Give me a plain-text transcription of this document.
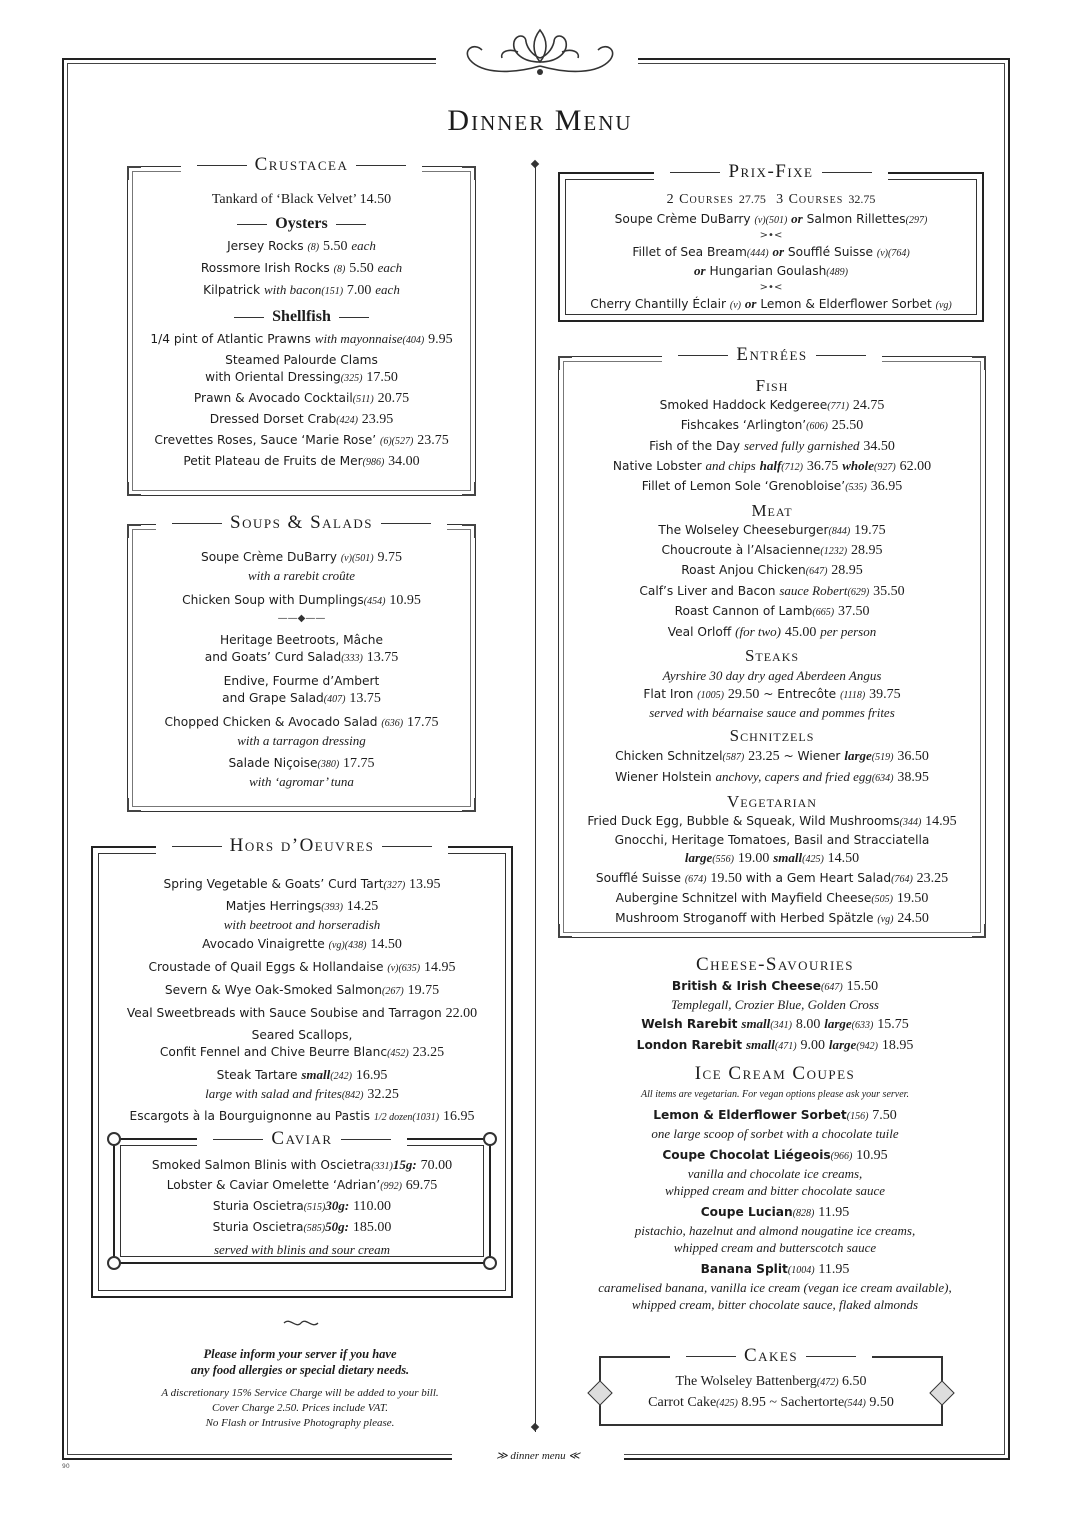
Dinner Menu
Crustacea
Tankard of ‘Black Velvet’ 14.50
Oysters
Jersey Rocks (8) 5.50 each
Rossmore Irish Rocks (8) 5.50 each
Kilpatrick with bacon(151) 7.00 each
Shellfish
1/4 pint of Atlantic Prawns with mayonnaise(404) 9.95
Steamed Palourde Clams
with Oriental Dressing(325) 17.50
Prawn & Avocado Cocktail(511) 20.75
Dressed Dorset Crab(424) 23.95
Crevettes Roses, Sauce ‘Marie Rose’ (6)(527) 23.75
Petit Plateau de Fruits de Mer(986) 34.00
Soups & Salads
Soupe Crème DuBarry (v)(501) 9.75
with a rarebit croûte
Chicken Soup with Dumplings(454) 10.95
——◆——
Heritage Beetroots, Mâche
and Goats’ Curd Salad(333) 13.75
Endive, Fourme d’Ambert
and Grape Salad(407) 13.75
Chopped Chicken & Avocado Salad (636) 17.75
with a tarragon dressing
Salade Niçoise(380) 17.75
with ‘agromar’ tuna
Hors d’Oeuvres
Spring Vegetable & Goats’ Curd Tart(327) 13.95
Matjes Herrings(393) 14.25
with beetroot and horseradish
Avocado Vinaigrette (vg)(438) 14.50
Croustade of Quail Eggs & Hollandaise (v)(635) 14.95
Severn & Wye Oak-Smoked Salmon(267) 19.75
Veal Sweetbreads with Sauce Soubise and Tarragon 22.00
Seared Scallops,
Confit Fennel and Chive Beurre Blanc(452) 23.25
Steak Tartare small(242) 16.95
large with salad and frites(842) 32.25
Escargots à la Bourguignonne au Pastis 1/2 dozen(1031) 16.95
Caviar
Smoked Salmon Blinis with Oscietra(331)15g: 70.00
Lobster & Caviar Omelette ‘Adrian’(992) 69.75
Sturia Oscietra(515)30g: 110.00
Sturia Oscietra(585)50g: 185.00
served with blinis and sour cream
Please inform your server if you have
any food allergies or special dietary needs.
A discretionary 15% Service Charge will be added to your bill.
Cover Charge 2.50. Prices include VAT.
No Flash or Intrusive Photography please.
Prix-Fixe
2 Courses 27.75 3 Courses 32.75
Soupe Crème DuBarry (v)(501) or Salmon Rillettes(297)
>•<
Fillet of Sea Bream(444) or Soufflé Suisse (v)(764)
or Hungarian Goulash(489)
>•<
Cherry Chantilly Éclair (v) or Lemon & Elderflower Sorbet (vg)
Entrées
Fish
Smoked Haddock Kedgeree(771) 24.75
Fishcakes ‘Arlington’(606) 25.50
Fish of the Day served fully garnished 34.50
Native Lobster and chips half(712) 36.75 whole(927) 62.00
Fillet of Lemon Sole ‘Grenobloise’(535) 36.95
Meat
The Wolseley Cheeseburger(844) 19.75
Choucroute à l’Alsacienne(1232) 28.95
Roast Anjou Chicken(647) 28.95
Calf’s Liver and Bacon sauce Robert(629) 35.50
Roast Cannon of Lamb(665) 37.50
Veal Orloff (for two) 45.00 per person
Steaks
Ayrshire 30 day dry aged Aberdeen Angus
Flat Iron (1005) 29.50 ~ Entrecôte (1118) 39.75
served with béarnaise sauce and pommes frites
Schnitzels
Chicken Schnitzel(587) 23.25 ~ Wiener large(519) 36.50
Wiener Holstein anchovy, capers and fried egg(634) 38.95
Vegetarian
Fried Duck Egg, Bubble & Squeak, Wild Mushrooms(344) 14.95
Gnocchi, Heritage Tomatoes, Basil and Stracciatella
large(556) 19.00 small(425) 14.50
Soufflé Suisse (674) 19.50 with a Gem Heart Salad(764) 23.25
Aubergine Schnitzel with Mayfield Cheese(505) 19.50
Mushroom Stroganoff with Herbed Spätzle (vg) 24.50
Cheese-Savouries
British & Irish Cheese(647) 15.50
Templegall, Crozier Blue, Golden Cross
Welsh Rarebit small(341) 8.00 large(633) 15.75
London Rarebit small(471) 9.00 large(942) 18.95
Ice Cream Coupes
All items are vegetarian. For vegan options please ask your server.
Lemon & Elderflower Sorbet(156) 7.50
one large scoop of sorbet with a chocolate tuile
Coupe Chocolat Liégeois(966) 10.95
vanilla and chocolate ice creams,
whipped cream and bitter chocolate sauce
Coupe Lucian(828) 11.95
pistachio, hazelnut and almond nougatine ice creams,
whipped cream and butterscotch sauce
Banana Split(1004) 11.95
caramelised banana, vanilla ice cream (vegan ice cream available),
whipped cream, bitter chocolate sauce, flaked almonds
Cakes
The Wolseley Battenberg(472) 6.50
Carrot Cake(425) 8.95 ~ Sachertorte(544) 9.50
≫ dinner menu ≪
90
